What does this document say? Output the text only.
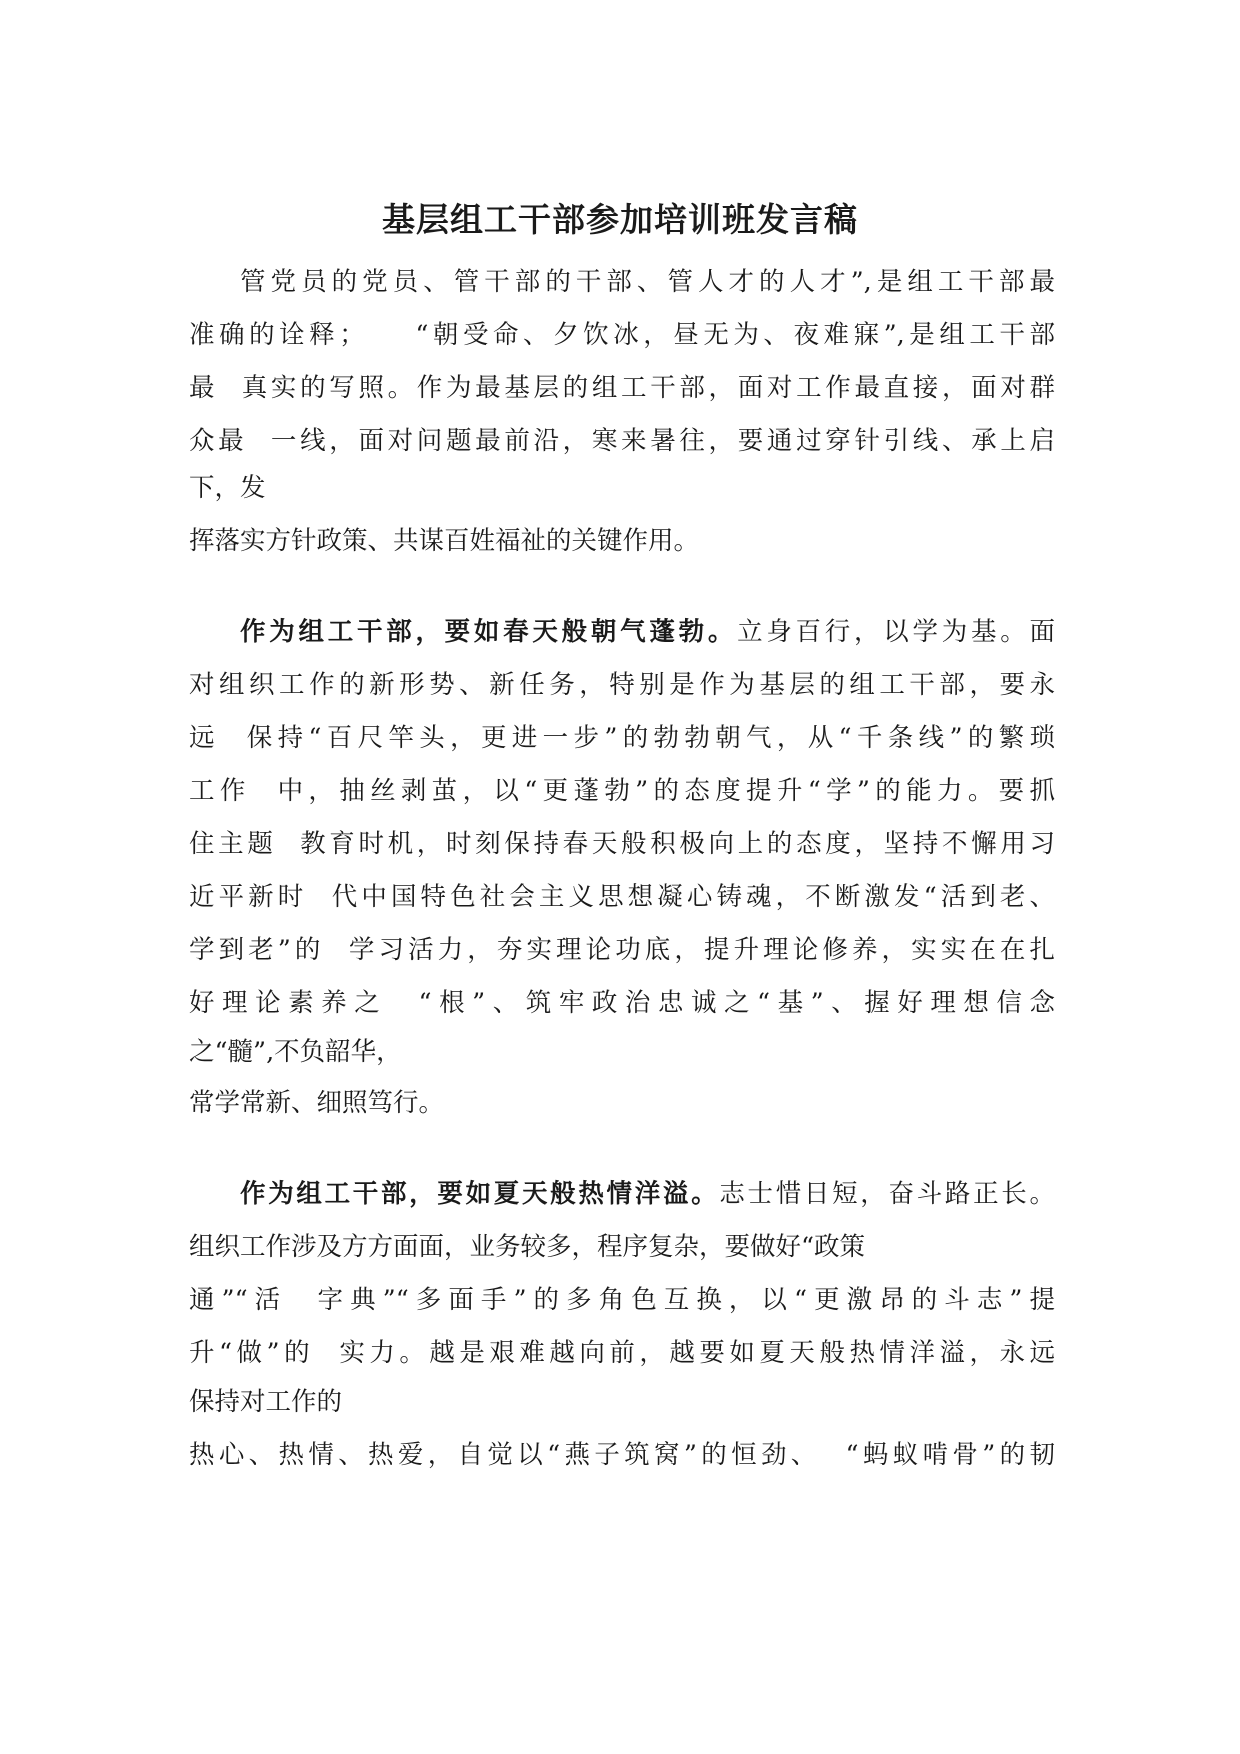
基层组工干部参加培训班发言稿
管党员的党员、管干部的干部、管人才的人才”,是组工干部最
准确的诠释；    “朝受命、夕饮冰，昼无为、夜难寐”,是组工干部
最  真实的写照。作为最基层的组工干部，面对工作最直接，面对群
众最  一线，面对问题最前沿，寒来暑往，要通过穿针引线、承上启
下，发
挥落实方针政策、共谋百姓福祉的关键作用。
作为组工干部，要如春天般朝气蓬勃。立身百行，以学为基。面
对组织工作的新形势、新任务，特别是作为基层的组工干部，要永
远  保持“百尺竿头，更进一步”的勃勃朝气，从“千条线”的繁琐
工作  中，抽丝剥茧，以“更蓬勃”的态度提升“学”的能力。要抓
住主题  教育时机，时刻保持春天般积极向上的态度，坚持不懈用习
近平新时  代中国特色社会主义思想凝心铸魂，不断激发“活到老、
学到老”的  学习活力，夯实理论功底，提升理论修养，实实在在扎
好理论素养之  “根”、筑牢政治忠诚之“基”、握好理想信念
之“髓”,不负韶华，
常学常新、细照笃行。
作为组工干部，要如夏天般热情洋溢。志士惜日短，奋斗路正长。
组织工作涉及方方面面，业务较多，程序复杂，要做好“政策
通”“活  字典”“多面手”的多角色互换，以“更激昂的斗志”提
升“做”的  实力。越是艰难越向前，越要如夏天般热情洋溢，永远
保持对工作的
热心、热情、热爱，自觉以“燕子筑窝”的恒劲、  “蚂蚁啃骨”的韧
